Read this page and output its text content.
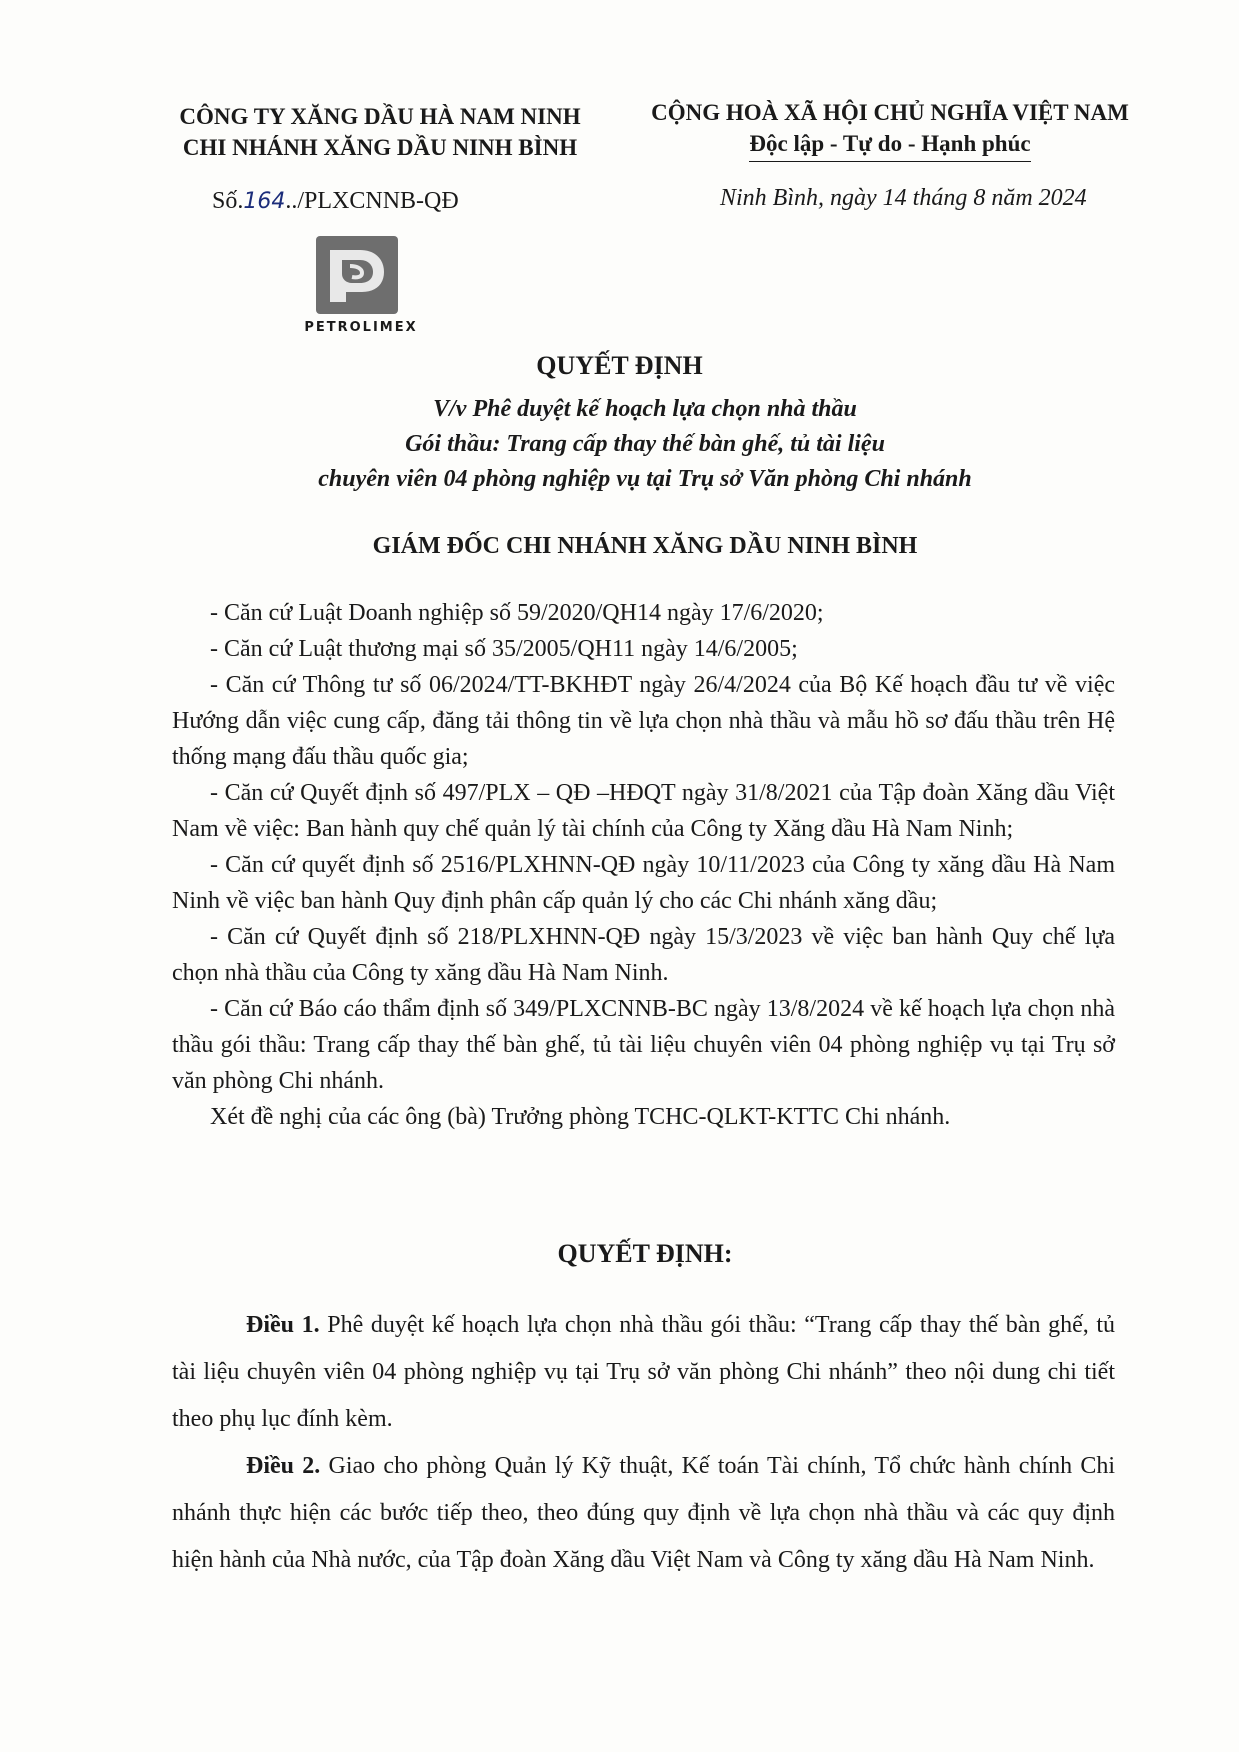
CÔNG TY XĂNG DẦU HÀ NAM NINH
CHI NHÁNH XĂNG DẦU NINH BÌNH
CỘNG HOÀ XÃ HỘI CHỦ NGHĨA VIỆT NAM
Độc lập - Tự do - Hạnh phúc
Số.164../PLXCNNB-QĐ	Ninh Bình, ngày 14 tháng 8 năm 2024
PETROLIMEX
QUYẾT ĐỊNH
V/v Phê duyệt kế hoạch lựa chọn nhà thầu
Gói thầu: Trang cấp thay thế bàn ghế, tủ tài liệu
chuyên viên 04 phòng nghiệp vụ tại Trụ sở Văn phòng Chi nhánh
GIÁM ĐỐC CHI NHÁNH XĂNG DẦU NINH BÌNH

- Căn cứ Luật Doanh nghiệp số 59/2020/QH14 ngày 17/6/2020;

- Căn cứ Luật thương mại số 35/2005/QH11 ngày 14/6/2005;

- Căn cứ Thông tư số 06/2024/TT-BKHĐT ngày 26/4/2024 của Bộ Kế hoạch đầu tư về việc Hướng dẫn việc cung cấp, đăng tải thông tin về lựa chọn nhà thầu và mẫu hồ sơ đấu thầu trên Hệ thống mạng đấu thầu quốc gia;

- Căn cứ Quyết định số 497/PLX – QĐ –HĐQT ngày 31/8/2021 của Tập đoàn Xăng dầu Việt Nam về việc: Ban hành quy chế quản lý tài chính của Công ty Xăng dầu Hà Nam Ninh;

- Căn cứ quyết định số 2516/PLXHNN-QĐ ngày 10/11/2023 của Công ty xăng dầu Hà Nam Ninh về việc ban hành Quy định phân cấp quản lý cho các Chi nhánh xăng dầu;

- Căn cứ Quyết định số 218/PLXHNN-QĐ ngày 15/3/2023 về việc ban hành Quy chế lựa chọn nhà thầu của Công ty xăng dầu Hà Nam Ninh.

- Căn cứ Báo cáo thẩm định số 349/PLXCNNB-BC ngày 13/8/2024 về kế hoạch lựa chọn nhà thầu gói thầu: Trang cấp thay thế bàn ghế, tủ tài liệu chuyên viên 04 phòng nghiệp vụ tại Trụ sở văn phòng Chi nhánh.

Xét đề nghị của các ông (bà) Trưởng phòng TCHC-QLKT-KTTC Chi nhánh.

QUYẾT ĐỊNH:

Điều 1. Phê duyệt kế hoạch lựa chọn nhà thầu gói thầu: “Trang cấp thay thế bàn ghế, tủ tài liệu chuyên viên 04 phòng nghiệp vụ tại Trụ sở văn phòng Chi nhánh” theo nội dung chi tiết theo phụ lục đính kèm.

Điều 2. Giao cho phòng Quản lý Kỹ thuật, Kế toán Tài chính, Tổ chức hành chính Chi nhánh thực hiện các bước tiếp theo, theo đúng quy định về lựa chọn nhà thầu và các quy định hiện hành của Nhà nước, của Tập đoàn Xăng dầu Việt Nam và Công ty xăng dầu Hà Nam Ninh.
